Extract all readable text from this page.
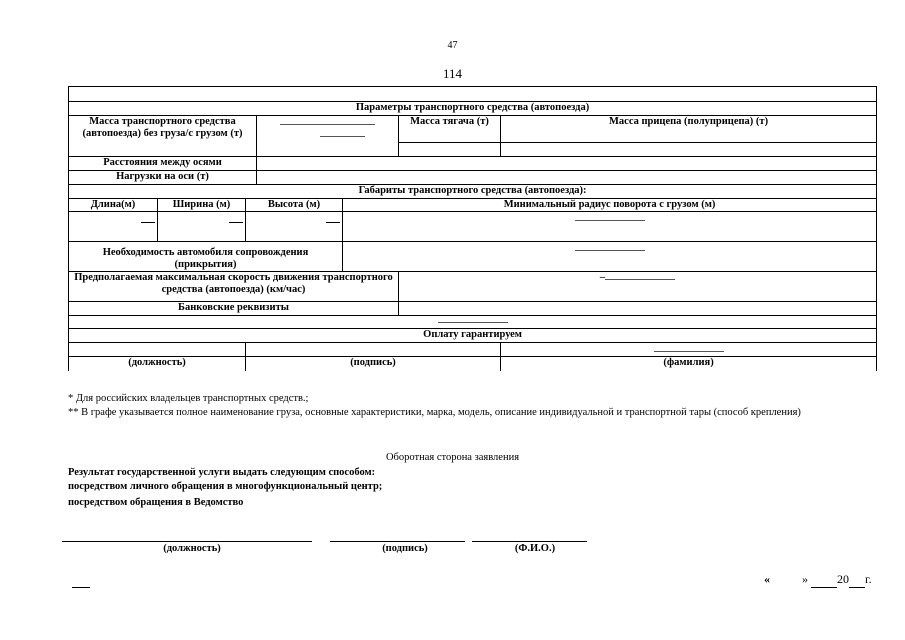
47
114

Параметры транспортного средства (автопоезда)						
Масса транспортного средства (автопоезда) без груза/с грузом (т)					Масса тягача (т)	Масса прицепа (полуприцепа) (т)

Расстояния между осями						
Нагрузки на оси (т)						
Габариты транспортного средства (автопоезда):						
Длина(м)	Ширина (м)	Высота (м)		Минимальный радиус поворота с грузом (м)		

Необходимость автомобиля сопровождения (прикрытия)						

Предполагаемая максимальная скорость движения транспортного средства (автопоезда) (км/час)					–	
Банковские реквизиты						

Оплату гарантируем						

(должность)		(подпись)				(фамилия)
* Для российских владельцев транспортных средств.;
** В графе указывается полное наименование груза, основные характеристики, марка, модель, описание индивидуальной и транспортной тары (способ крепления)
Оборотная сторона заявления
Результат государственной услуги выдать следующим способом:
посредством личного обращения в многофункциональный центр;
посредством обращения в Ведомство
(должность)	(подпись)	(Ф.И.О.)
«	» 20 г.
